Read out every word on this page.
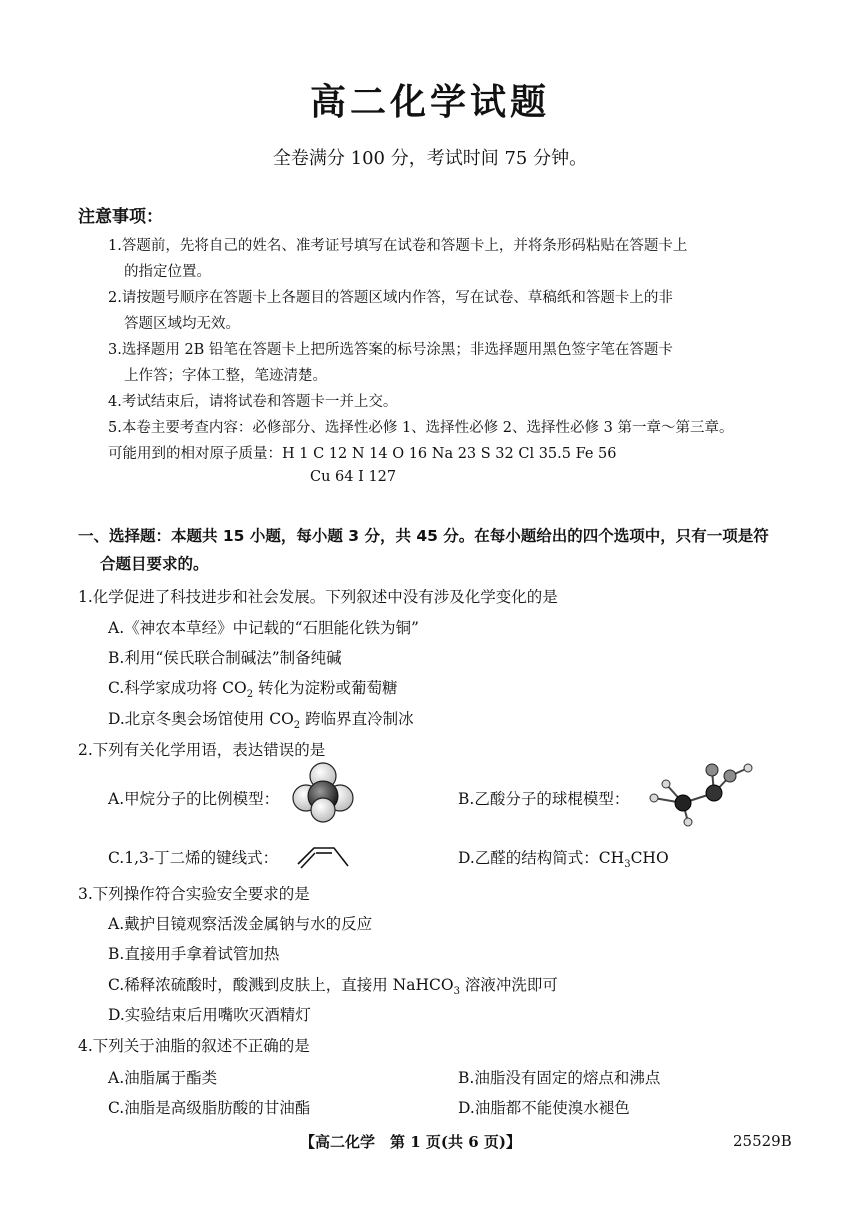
高二化学试题
全卷满分 100 分，考试时间 75 分钟。
注意事项：
1.答题前，先将自己的姓名、准考证号填写在试卷和答题卡上，并将条形码粘贴在答题卡上
的指定位置。
2.请按题号顺序在答题卡上各题目的答题区域内作答，写在试卷、草稿纸和答题卡上的非
答题区域均无效。
3.选择题用 2B 铅笔在答题卡上把所选答案的标号涂黑；非选择题用黑色签字笔在答题卡
上作答；字体工整，笔迹清楚。
4.考试结束后，请将试卷和答题卡一并上交。
5.本卷主要考查内容：必修部分、选择性必修 1、选择性必修 2、选择性必修 3 第一章～第三章。
可能用到的相对原子质量：H 1 C 12 N 14 O 16 Na 23 S 32 Cl 35.5 Fe 56
Cu 64 I 127
一、选择题：本题共 15 小题，每小题 3 分，共 45 分。在每小题给出的四个选项中，只有一项是符
合题目要求的。
1.化学促进了科技进步和社会发展。下列叙述中没有涉及化学变化的是
A.《神农本草经》中记载的“石胆能化铁为铜”
B.利用“侯氏联合制碱法”制备纯碱
C.科学家成功将 $CO_2$ 转化为淀粉或葡萄糖
D.北京冬奥会场馆使用 $CO_2$ 跨临界直冷制冰
2.下列有关化学用语，表达错误的是
A.甲烷分子的比例模型：	B.乙酸分子的球棍模型：
C.1,3-丁二烯的键线式：	D.乙醛的结构简式：$CH_3CHO$
3.下列操作符合实验安全要求的是
A.戴护目镜观察活泼金属钠与水的反应
B.直接用手拿着试管加热
C.稀释浓硫酸时，酸溅到皮肤上，直接用 NaHCO$_3$ 溶液冲洗即可
D.实验结束后用嘴吹灭酒精灯
4.下列关于油脂的叙述不正确的是
A.油脂属于酯类	B.油脂没有固定的熔点和沸点
C.油脂是高级脂肪酸的甘油酯	D.油脂都不能使溴水褪色
【高二化学　第 1 页(共 6 页)】	25529B
